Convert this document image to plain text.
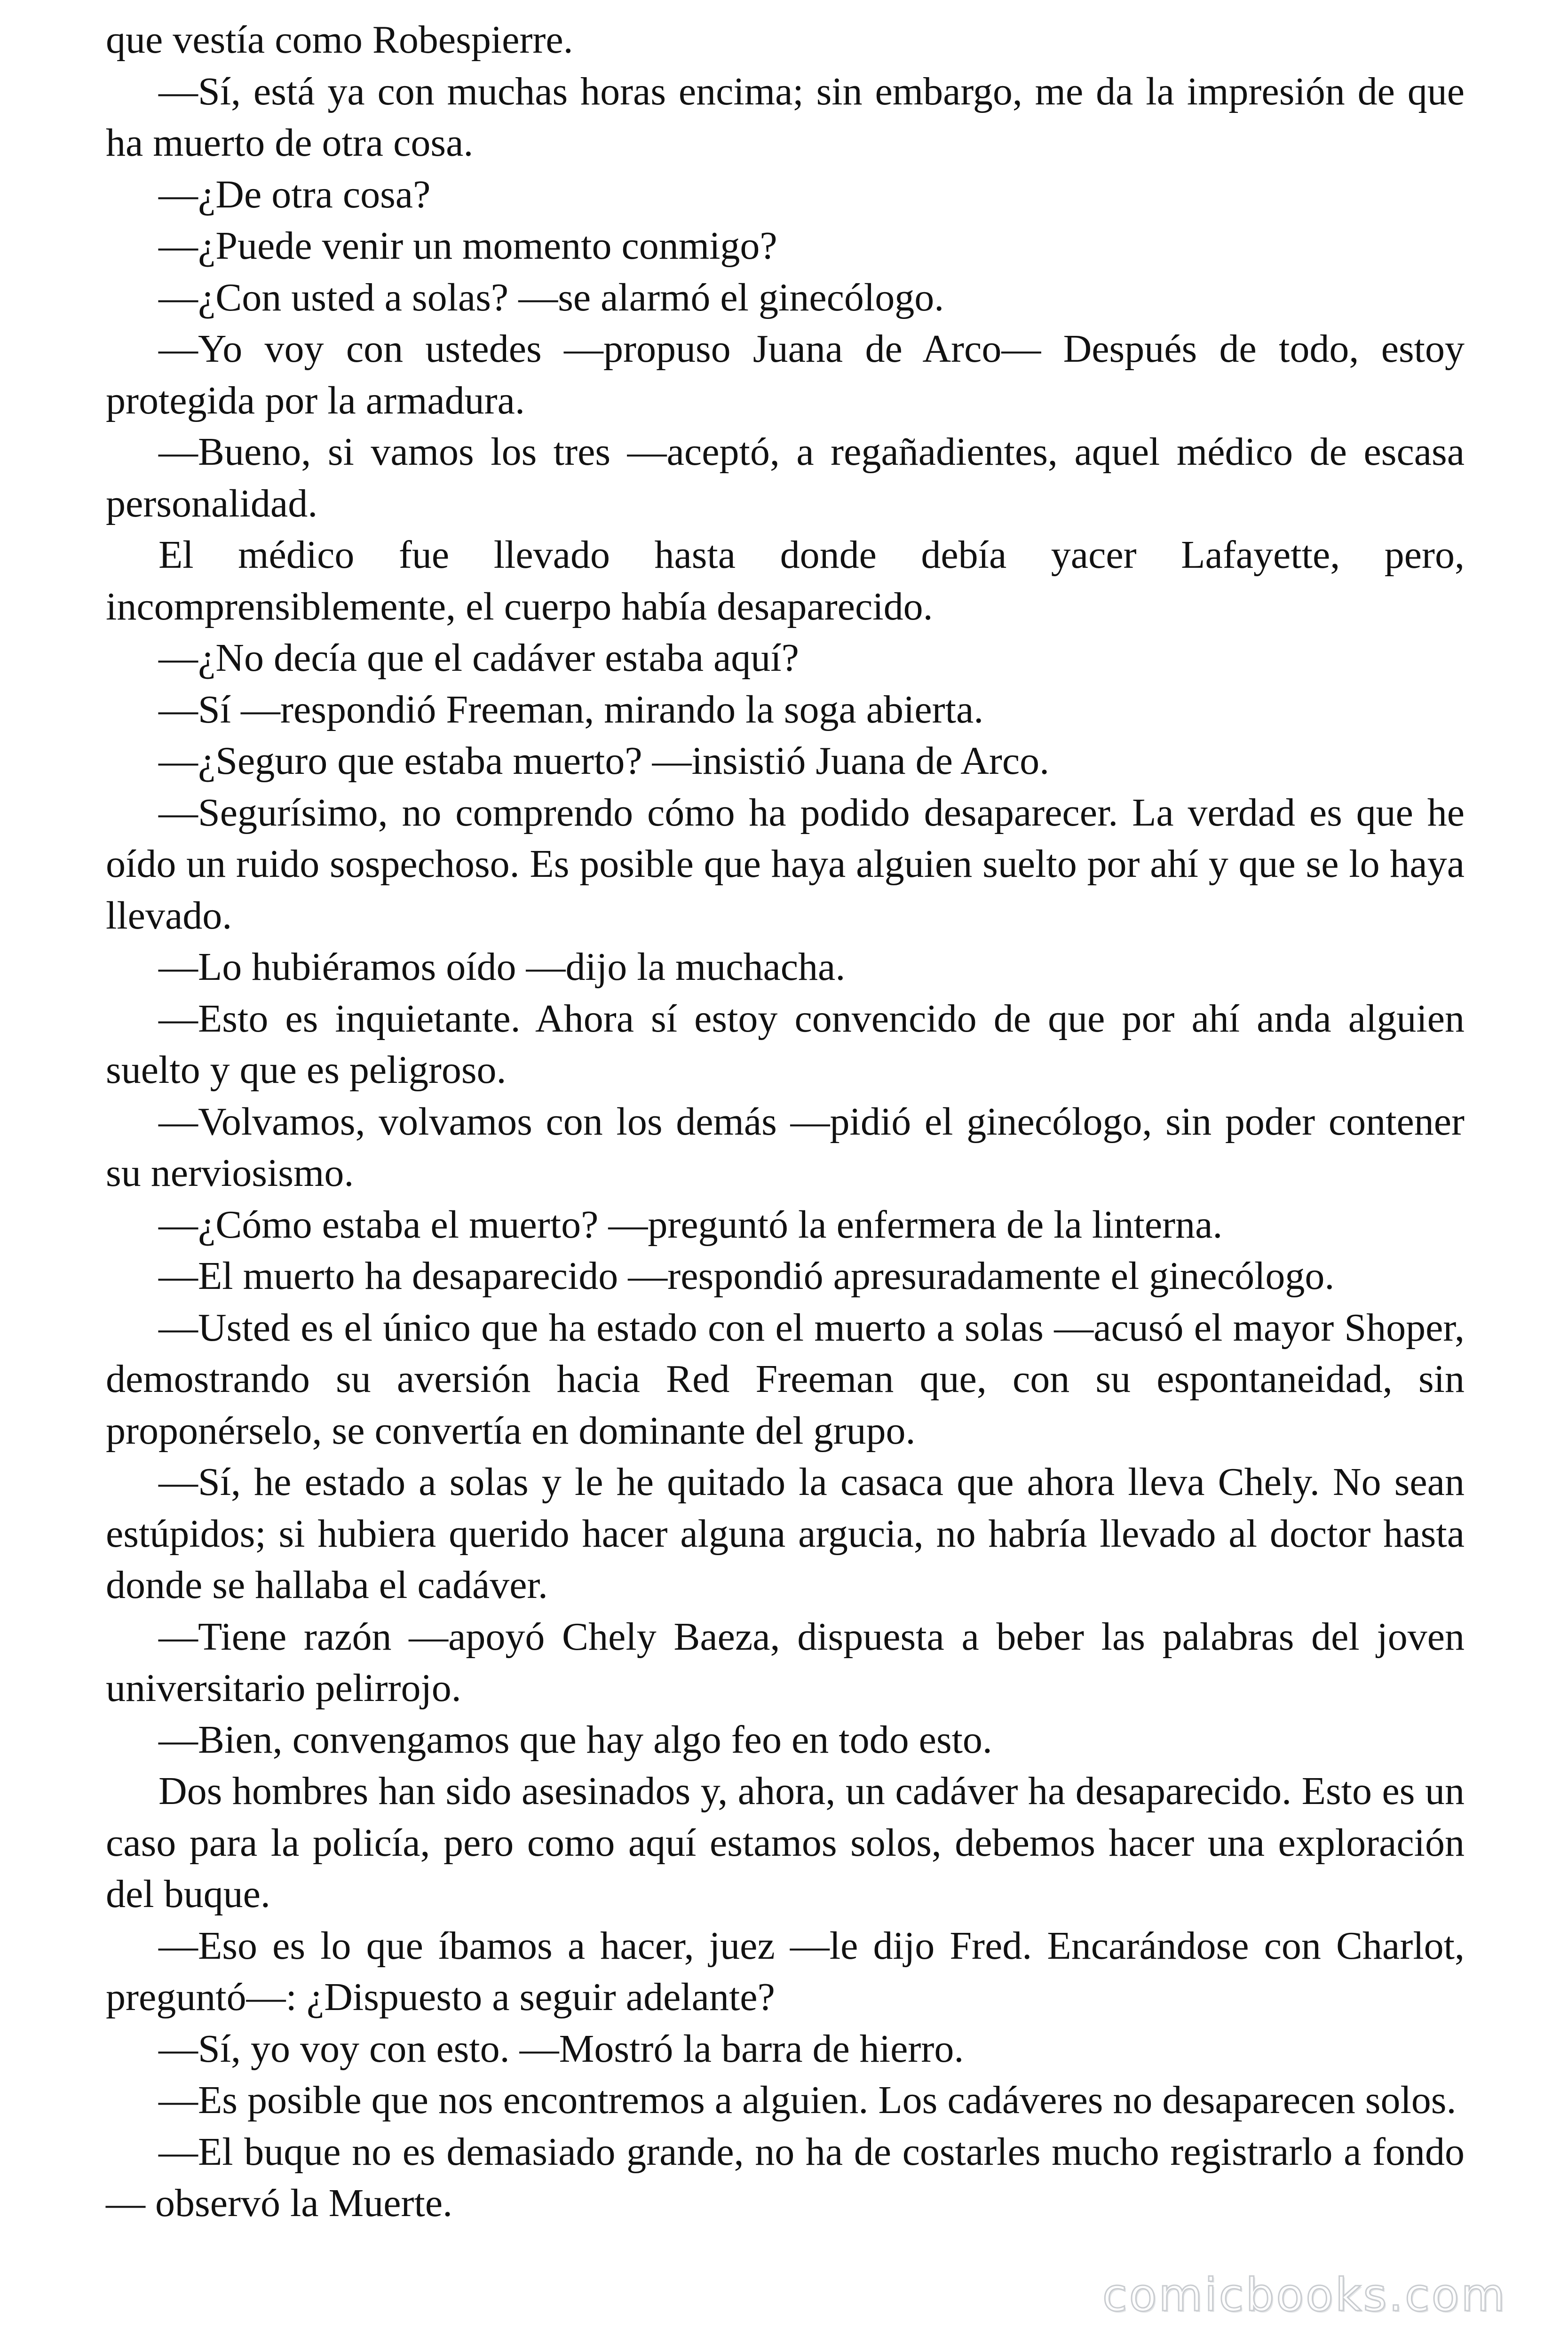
que vestía como Robespierre.

—Sí, está ya con muchas horas encima; sin embargo, me da la impresión de que ha muerto de otra cosa.

—¿De otra cosa?

—¿Puede venir un momento conmigo?

—¿Con usted a solas? —se alarmó el ginecólogo.

—Yo voy con ustedes —propuso Juana de Arco— Después de todo, estoy protegida por la armadura.

—Bueno, si vamos los tres —aceptó, a regañadientes, aquel médico de escasa personalidad.

El médico fue llevado hasta donde debía yacer Lafayette, pero, incomprensiblemente, el cuerpo había desaparecido.

—¿No decía que el cadáver estaba aquí?

—Sí —respondió Freeman, mirando la soga abierta.

—¿Seguro que estaba muerto? —insistió Juana de Arco.

—Segurísimo, no comprendo cómo ha podido desaparecer. La verdad es que he oído un ruido sospechoso. Es posible que haya alguien suelto por ahí y que se lo haya llevado.

—Lo hubiéramos oído —dijo la muchacha.

—Esto es inquietante. Ahora sí estoy convencido de que por ahí anda alguien suelto y que es peligroso.

—Volvamos, volvamos con los demás —pidió el ginecólogo, sin poder contener su nerviosismo.

—¿Cómo estaba el muerto? —preguntó la enfermera de la linterna.

—El muerto ha desaparecido —respondió apresuradamente el ginecólogo.

—Usted es el único que ha estado con el muerto a solas —acusó el mayor Shoper, demostrando su aversión hacia Red Freeman que, con su espontaneidad, sin proponérselo, se convertía en dominante del grupo.

—Sí, he estado a solas y le he quitado la casaca que ahora lleva Chely. No sean estúpidos; si hubiera querido hacer alguna argucia, no habría llevado al doctor hasta donde se hallaba el cadáver.

—Tiene razón —apoyó Chely Baeza, dispuesta a beber las palabras del joven universitario pelirrojo.

—Bien, convengamos que hay algo feo en todo esto.

Dos hombres han sido asesinados y, ahora, un cadáver ha desaparecido. Esto es un caso para la policía, pero como aquí estamos solos, debemos hacer una exploración del buque.

—Eso es lo que íbamos a hacer, juez —le dijo Fred. Encarándose con Charlot, preguntó—: ¿Dispuesto a seguir adelante?

—Sí, yo voy con esto. —Mostró la barra de hierro.

—Es posible que nos encontremos a alguien. Los cadáveres no desaparecen solos.

—El buque no es demasiado grande, no ha de costarles mucho registrarlo a fondo — observó la Muerte.

comicbooks.com
